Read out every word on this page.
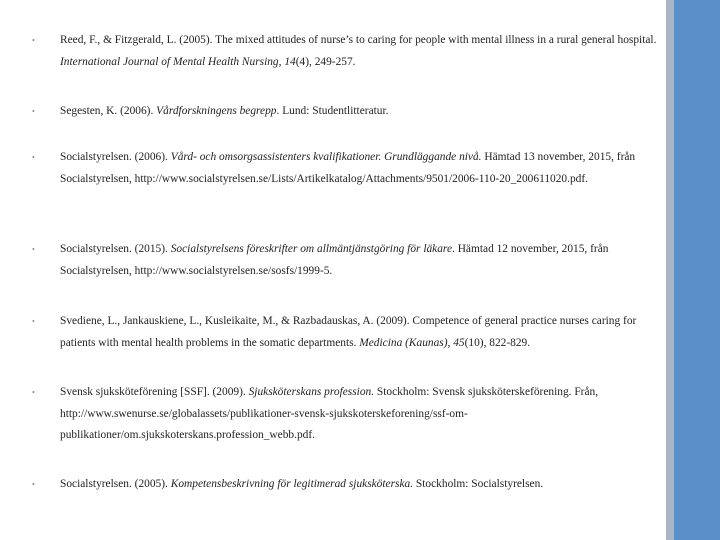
• Reed, F., & Fitzgerald, L. (2005). The mixed attitudes of nurse’s to caring for people with mental illness in a rural general hospital. International Journal of Mental Health Nursing, 14(4), 249-257.
• Segesten, K. (2006). Vårdforskningens begrepp. Lund: Studentlitteratur.
• Socialstyrelsen. (2006). Vård- och omsorgsassistenters kvalifikationer. Grundläggande nivå. Hämtad 13 november, 2015, från Socialstyrelsen, http://www.socialstyrelsen.se/Lists/Artikelkatalog/Attachments/9501/2006-110-20_200611020.pdf.
• Socialstyrelsen. (2015). Socialstyrelsens föreskrifter om allmäntjänstgöring för läkare. Hämtad 12 november, 2015, från Socialstyrelsen, http://www.socialstyrelsen.se/sosfs/1999-5.
• Svediene, L., Jankauskiene, L., Kusleikaite, M., & Razbadauskas, A. (2009). Competence of general practice nurses caring for patients with mental health problems in the somatic departments. Medicina (Kaunas), 45(10), 822-829.
• Svensk sjuksköteförening [SSF]. (2009). Sjuksköterskans profession. Stockholm: Svensk sjuksköterskeförening. Från, http://www.swenurse.se/globalassets/publikationer-svensk-sjukskoterskeforening/ssf-om-publikationer/om.sjukskoterskans.profession_webb.pdf.
• Socialstyrelsen. (2005). Kompetensbeskrivning för legitimerad sjuksköterska. Stockholm: Socialstyrelsen.
